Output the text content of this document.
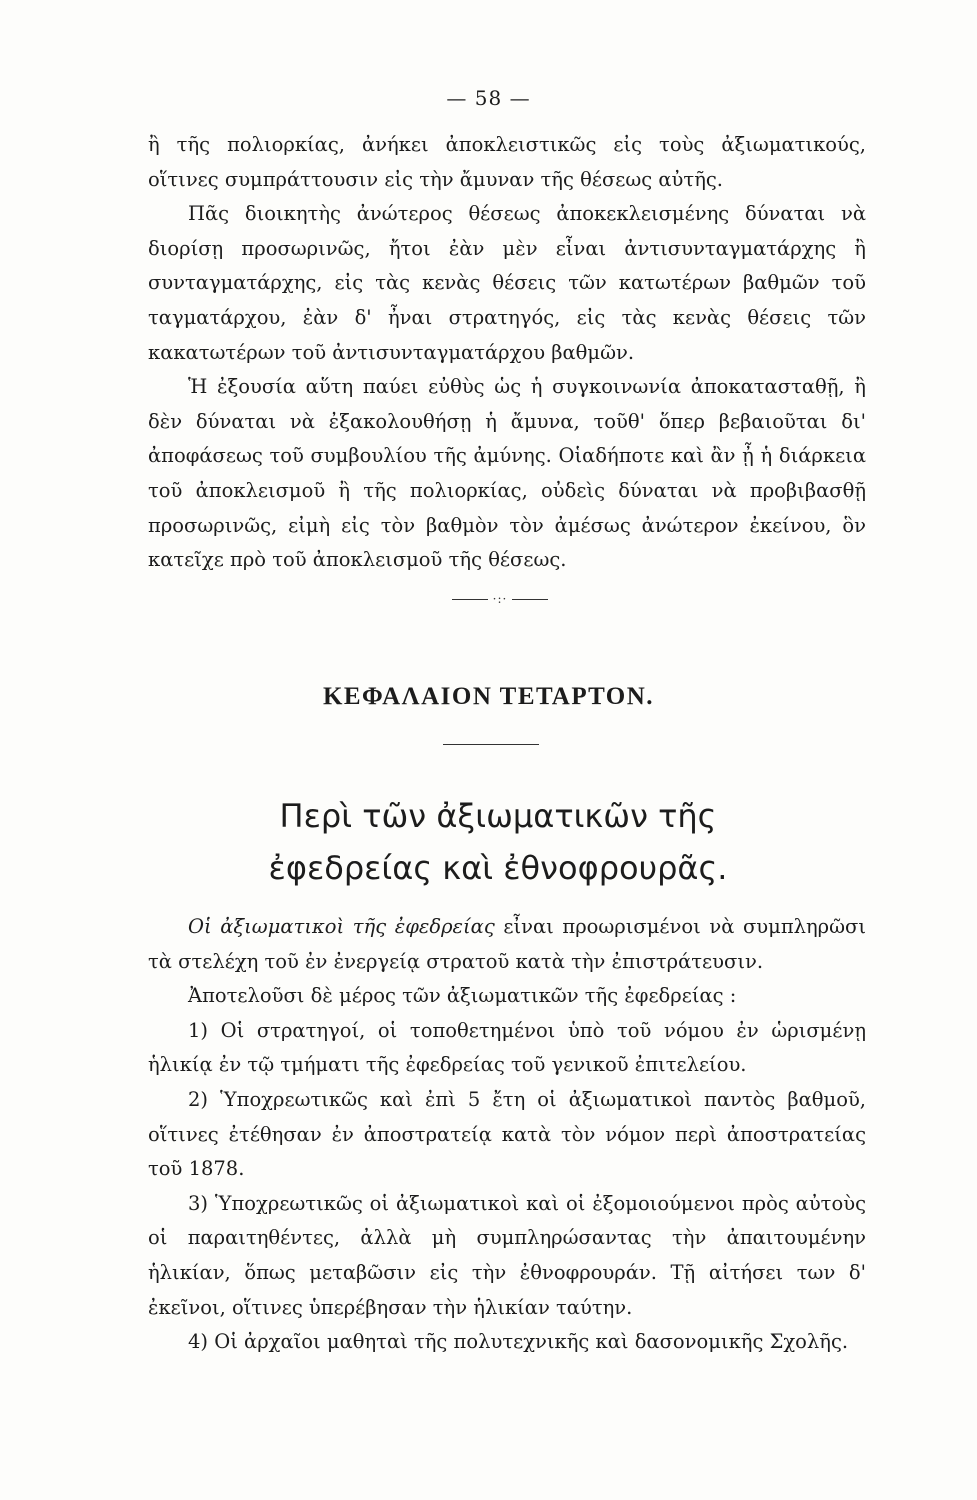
— 58 —

ἢ τῆς πολιορκίας, ἀνήκει ἀποκλειστικῶς εἰς τοὺς ἀξιωματικούς, οἵτινες συμπράττουσιν εἰς τὴν ἄμυναν τῆς θέσεως αὐτῆς.

Πᾶς διοικητὴς ἀνώτερος θέσεως ἀποκεκλεισμένης δύναται νὰ διορίσῃ προσωρινῶς, ἤτοι ἐὰν μὲν εἶναι ἀντισυνταγματάρχης ἢ συνταγματάρχης, εἰς τὰς κενὰς θέσεις τῶν κατωτέρων βαθμῶν τοῦ ταγματάρχου, ἐὰν δ' ἦναι στρατηγός, εἰς τὰς κενὰς θέσεις τῶν κακατωτέρων τοῦ ἀντισυνταγματάρχου βαθμῶν.

Ἡ ἐξουσία αὕτη παύει εὐθὺς ὡς ἡ συγκοινωνία ἀποκατασταθῇ, ἢ δὲν δύναται νὰ ἐξακολουθήσῃ ἡ ἄμυνα, τοῦθ' ὅπερ βεβαιοῦται δι' ἀποφάσεως τοῦ συμβουλίου τῆς ἀμύνης. Οἱαδήποτε καὶ ἂν ᾖ ἡ διάρκεια τοῦ ἀποκλεισμοῦ ἢ τῆς πολιορκίας, οὐδεὶς δύναται νὰ προβιβασθῇ προσωρινῶς, εἰμὴ εἰς τὸν βαθμὸν τὸν ἀμέσως ἀνώτερον ἐκείνου, ὃν κατεῖχε πρὸ τοῦ ἀποκλεισμοῦ τῆς θέσεως.

·:·
ΚΕΦΑΛΑΙΟΝ ΤΕΤΑΡΤΟΝ.
Περὶ τῶν ἀξιωματικῶν τῆς ἐφεδρείας καὶ ἐθνοφρουρᾶς.

Οἱ ἀξιωματικοὶ τῆς ἐφεδρείας εἶναι προωρισμένοι νὰ συμπληρῶσι τὰ στελέχη τοῦ ἐν ἐνεργείᾳ στρατοῦ κατὰ τὴν ἐπιστράτευσιν.

Ἀποτελοῦσι δὲ μέρος τῶν ἀξιωματικῶν τῆς ἐφεδρείας :

1) Οἱ στρατηγοί, οἱ τοποθετημένοι ὑπὸ τοῦ νόμου ἐν ὡρισμένῃ ἡλικίᾳ ἐν τῷ τμήματι τῆς ἐφεδρείας τοῦ γενικοῦ ἐπιτελείου.

2) Ὑποχρεωτικῶς καὶ ἐπὶ 5 ἔτη οἱ ἀξιωματικοὶ παντὸς βαθμοῦ, οἵτινες ἐτέθησαν ἐν ἀποστρατείᾳ κατὰ τὸν νόμον περὶ ἀποστρατείας τοῦ 1878.

3) Ὑποχρεωτικῶς οἱ ἀξιωματικοὶ καὶ οἱ ἐξομοιούμενοι πρὸς αὐτοὺς οἱ παραιτηθέντες, ἀλλὰ μὴ συμπληρώσαντας τὴν ἀπαιτουμένην ἡλικίαν, ὅπως μεταβῶσιν εἰς τὴν ἐθνοφρουράν. Τῇ αἰτήσει των δ' ἐκεῖνοι, οἵτινες ὑπερέβησαν τὴν ἡλικίαν ταύτην.

4) Οἱ ἀρχαῖοι μαθηταὶ τῆς πολυτεχνικῆς καὶ δασονομικῆς Σχολῆς.
